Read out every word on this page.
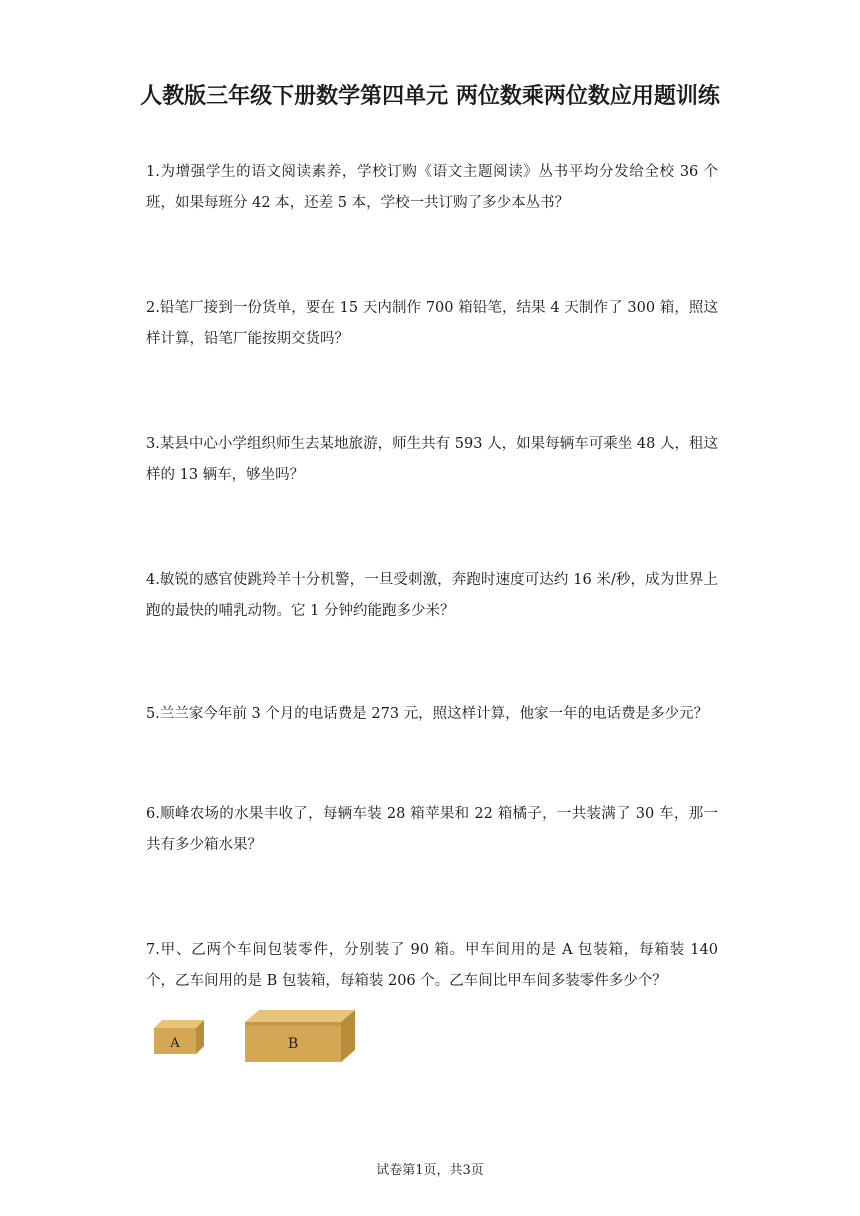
人教版三年级下册数学第四单元 两位数乘两位数应用题训练
1.为增强学生的语文阅读素养，学校订购《语文主题阅读》丛书平均分发给全校 36 个班，如果每班分 42 本，还差 5 本，学校一共订购了多少本丛书？
2.铅笔厂接到一份货单，要在 15 天内制作 700 箱铅笔，结果 4 天制作了 300 箱，照这样计算，铅笔厂能按期交货吗？
3.某县中心小学组织师生去某地旅游，师生共有 593 人，如果每辆车可乘坐 48 人，租这样的 13 辆车，够坐吗？
4.敏锐的感官使跳羚羊十分机警，一旦受刺激，奔跑时速度可达约 16 米/秒，成为世界上跑的最快的哺乳动物。它 1 分钟约能跑多少米？
5.兰兰家今年前 3 个月的电话费是 273 元，照这样计算，他家一年的电话费是多少元？
6.顺峰农场的水果丰收了，每辆车装 28 箱苹果和 22 箱橘子，一共装满了 30 车，那一共有多少箱水果？
7.甲、乙两个车间包装零件，分别装了 90 箱。甲车间用的是 A 包装箱，每箱装 140 个，乙车间用的是 B 包装箱，每箱装 206 个。乙车间比甲车间多装零件多少个？
A	B
试卷第1页，共3页
